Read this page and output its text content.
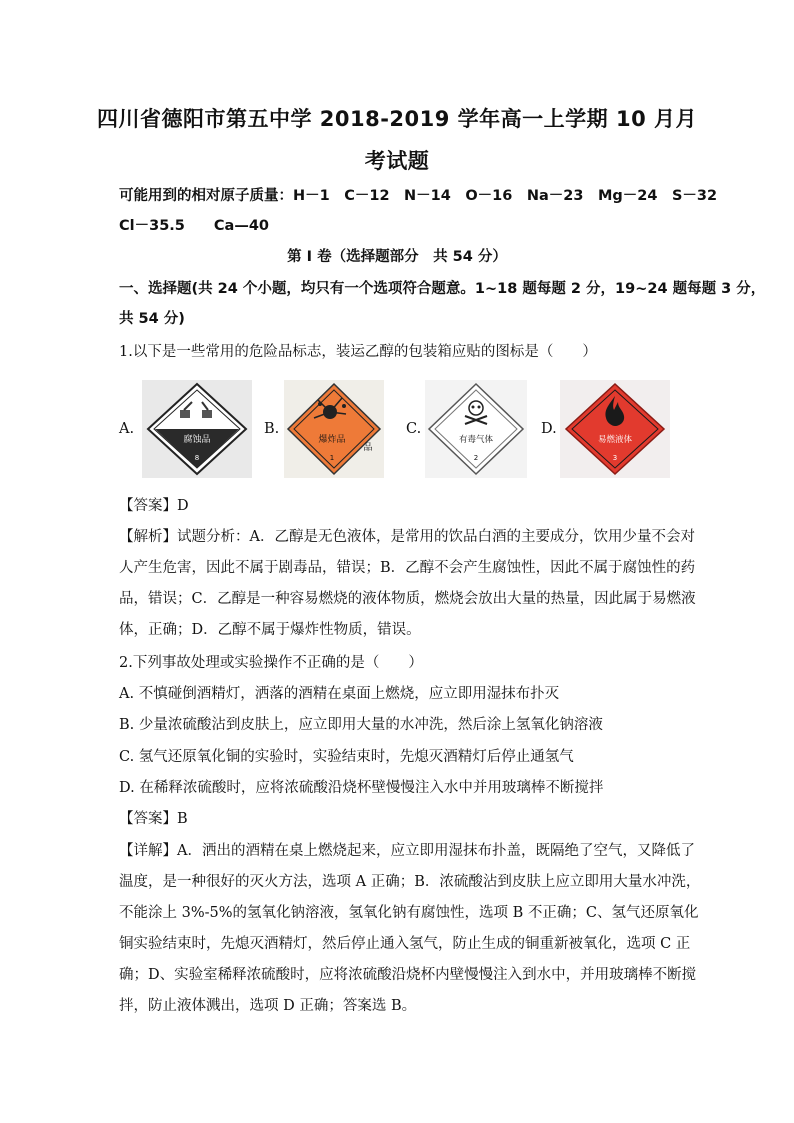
四川省德阳市第五中学 2018-2019 学年高一上学期 10 月月
考试题
可能用到的相对原子质量：H－1　C－12　N－14　O－16　Na－23　Mg－24　S－32
Cl－35.5　　Ca—40
第 I 卷（选择题部分　共 54 分）
一、选择题(共 24 个小题，均只有一个选项符合题意。1~18 题每题 2 分，19~24 题每题 3 分，
共 54 分)
1.以下是一些常用的危险品标志，装运乙醇的包装箱应贴的图标是（　　）
A.
腐蚀品
8
B.
爆炸品
1
品
C.
有毒气体
2
D.
易燃液体
3
【答案】D
【解析】试题分析：A．乙醇是无色液体，是常用的饮品白酒的主要成分，饮用少量不会对
人产生危害，因此不属于剧毒品，错误；B．乙醇不会产生腐蚀性，因此不属于腐蚀性的药
品，错误；C．乙醇是一种容易燃烧的液体物质，燃烧会放出大量的热量，因此属于易燃液
体，正确；D．乙醇不属于爆炸性物质，错误。
2.下列事故处理或实验操作不正确的是（　　）
A. 不慎碰倒酒精灯，洒落的酒精在桌面上燃烧，应立即用湿抹布扑灭
B. 少量浓硫酸沾到皮肤上，应立即用大量的水冲洗，然后涂上氢氧化钠溶液
C. 氢气还原氧化铜的实验时，实验结束时，先熄灭酒精灯后停止通氢气
D. 在稀释浓硫酸时，应将浓硫酸沿烧杯壁慢慢注入水中并用玻璃棒不断搅拌
【答案】B
【详解】A．洒出的酒精在桌上燃烧起来，应立即用湿抹布扑盖，既隔绝了空气，又降低了
温度，是一种很好的灭火方法，选项 A 正确；B．浓硫酸沾到皮肤上应立即用大量水冲洗，
不能涂上 3%-5%的氢氧化钠溶液，氢氧化钠有腐蚀性，选项 B 不正确；C、氢气还原氧化
铜实验结束时，先熄灭酒精灯，然后停止通入氢气，防止生成的铜重新被氧化，选项 C 正
确；D、实验室稀释浓硫酸时，应将浓硫酸沿烧杯内壁慢慢注入到水中，并用玻璃棒不断搅
拌，防止液体溅出，选项 D 正确；答案选 B。
